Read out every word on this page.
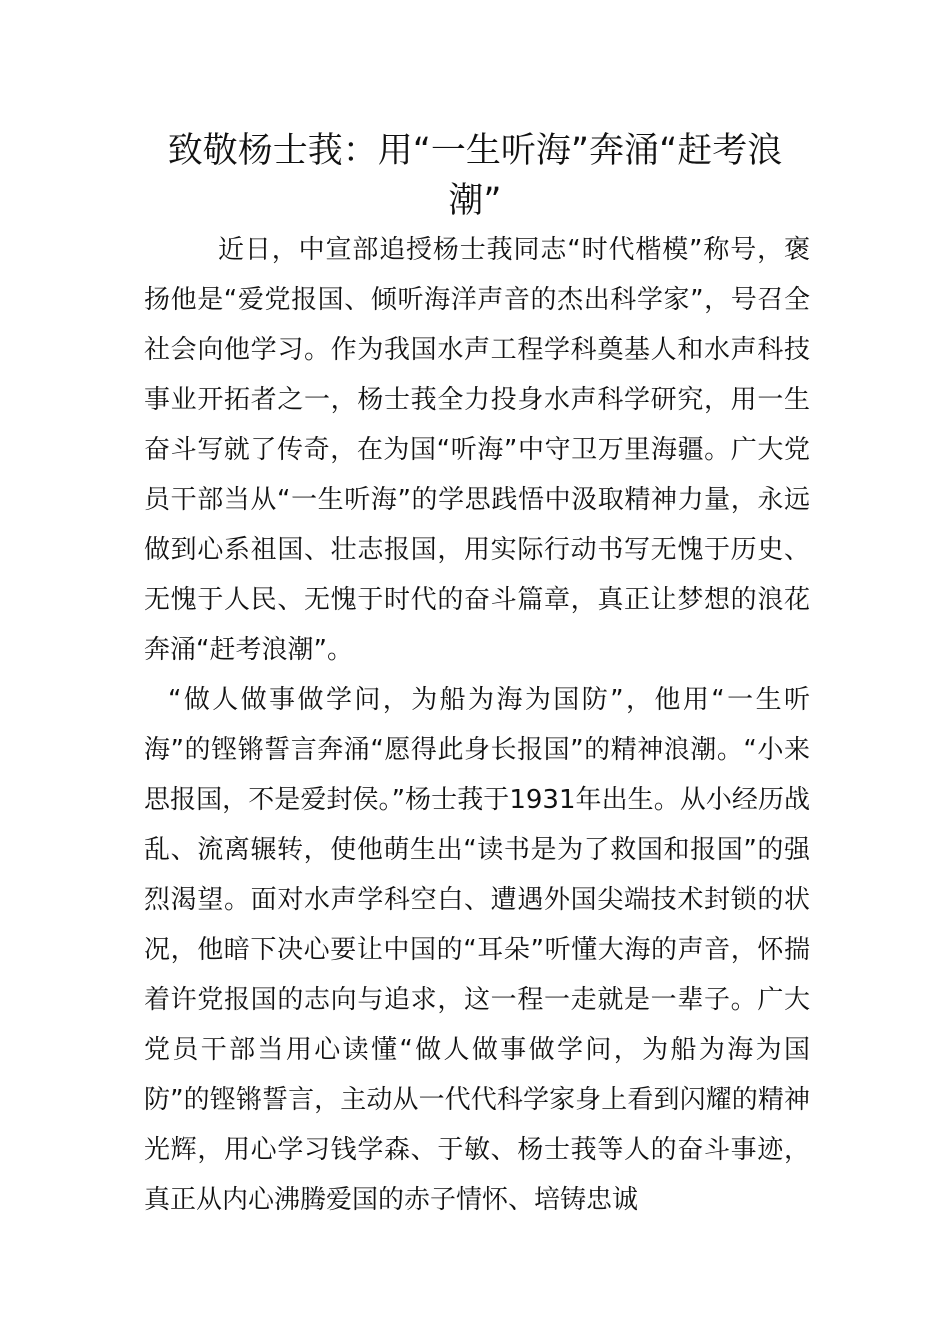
致敬杨士莪：用“一生听海”奔涌“赶考浪潮”

近日，中宣部追授杨士莪同志“时代楷模”称号，褒扬他是“爱党报国、倾听海洋声音的杰出科学家”，号召全社会向他学习。作为我国水声工程学科奠基人和水声科技事业开拓者之一，杨士莪全力投身水声科学研究，用一生奋斗写就了传奇，在为国“听海”中守卫万里海疆。广大党员干部当从“一生听海”的学思践悟中汲取精神力量，永远做到心系祖国、壮志报国，用实际行动书写无愧于历史、无愧于人民、无愧于时代的奋斗篇章，真正让梦想的浪花奔涌“赶考浪潮”。

“做人做事做学问，为船为海为国防”，他用“一生听海”的铿锵誓言奔涌“愿得此身长报国”的精神浪潮。“小来思报国，不是爱封侯。”杨士莪于1931年出生。从小经历战乱、流离辗转，使他萌生出“读书是为了救国和报国”的强烈渴望。面对水声学科空白、遭遇外国尖端技术封锁的状况，他暗下决心要让中国的“耳朵”听懂大海的声音，怀揣着许党报国的志向与追求，这一程一走就是一辈子。广大党员干部当用心读懂“做人做事做学问，为船为海为国防”的铿锵誓言，主动从一代代科学家身上看到闪耀的精神光辉，用心学习钱学森、于敏、杨士莪等人的奋斗事迹，真正从内心沸腾爱国的赤子情怀、培铸忠诚
